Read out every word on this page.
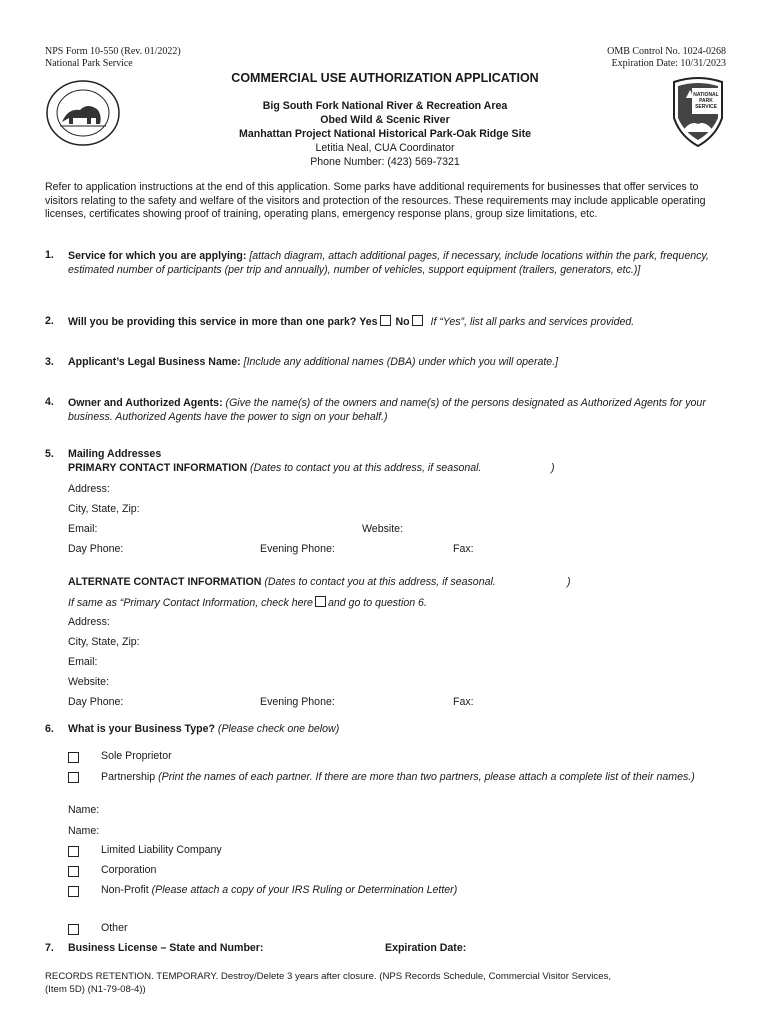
NPS Form 10-550 (Rev. 01/2022)
National Park Service
OMB Control No. 1024-0268
Expiration Date: 10/31/2023
NATIONAL PARK SERVICE
COMMERCIAL USE AUTHORIZATION APPLICATION
Big South Fork National River & Recreation Area
Obed Wild & Scenic River
Manhattan Project National Historical Park-Oak Ridge Site
Letitia Neal, CUA Coordinator
Phone Number: (423) 569-7321
Refer to application instructions at the end of this application. Some parks have additional requirements for businesses that offer services to visitors relating to the safety and welfare of the visitors and protection of the resources. These requirements may include applicable operating licenses, certificates showing proof of training, operating plans, emergency response plans, group size limitations, etc.
1. Service for which you are applying: [attach diagram, attach additional pages, if necessary, include locations within the park, frequency, estimated number of participants (per trip and annually), number of vehicles, support equipment (trailers, generators, etc.)]
2. Will you be providing this service in more than one park? Yes No If “Yes”, list all parks and services provided.
3. Applicant’s Legal Business Name: [Include any additional names (DBA) under which you will operate.]
4. Owner and Authorized Agents: (Give the name(s) of the owners and name(s) of the persons designated as Authorized Agents for your business. Authorized Agents have the power to sign on your behalf.)
5. Mailing Addresses
PRIMARY CONTACT INFORMATION (Dates to contact you at this address, if seasonal.	)
Address:
City, State, Zip:
Email:	Website:
Day Phone:	Evening Phone:	Fax:
ALTERNATE CONTACT INFORMATION (Dates to contact you at this address, if seasonal.	)
If same as “Primary Contact Information, check here and go to question 6.
Address:
City, State, Zip:
Email:
Website:
Day Phone:	Evening Phone:	Fax:
6. What is your Business Type? (Please check one below)
Sole Proprietor
Partnership (Print the names of each partner. If there are more than two partners, please attach a complete list of their names.)
Name:
Name:
Limited Liability Company
Corporation
Non-Profit (Please attach a copy of your IRS Ruling or Determination Letter)
Other
7. Business License – State and Number:	Expiration Date:
RECORDS RETENTION. TEMPORARY. Destroy/Delete 3 years after closure. (NPS Records Schedule, Commercial Visitor Services,
(Item 5D) (N1-79-08-4))
